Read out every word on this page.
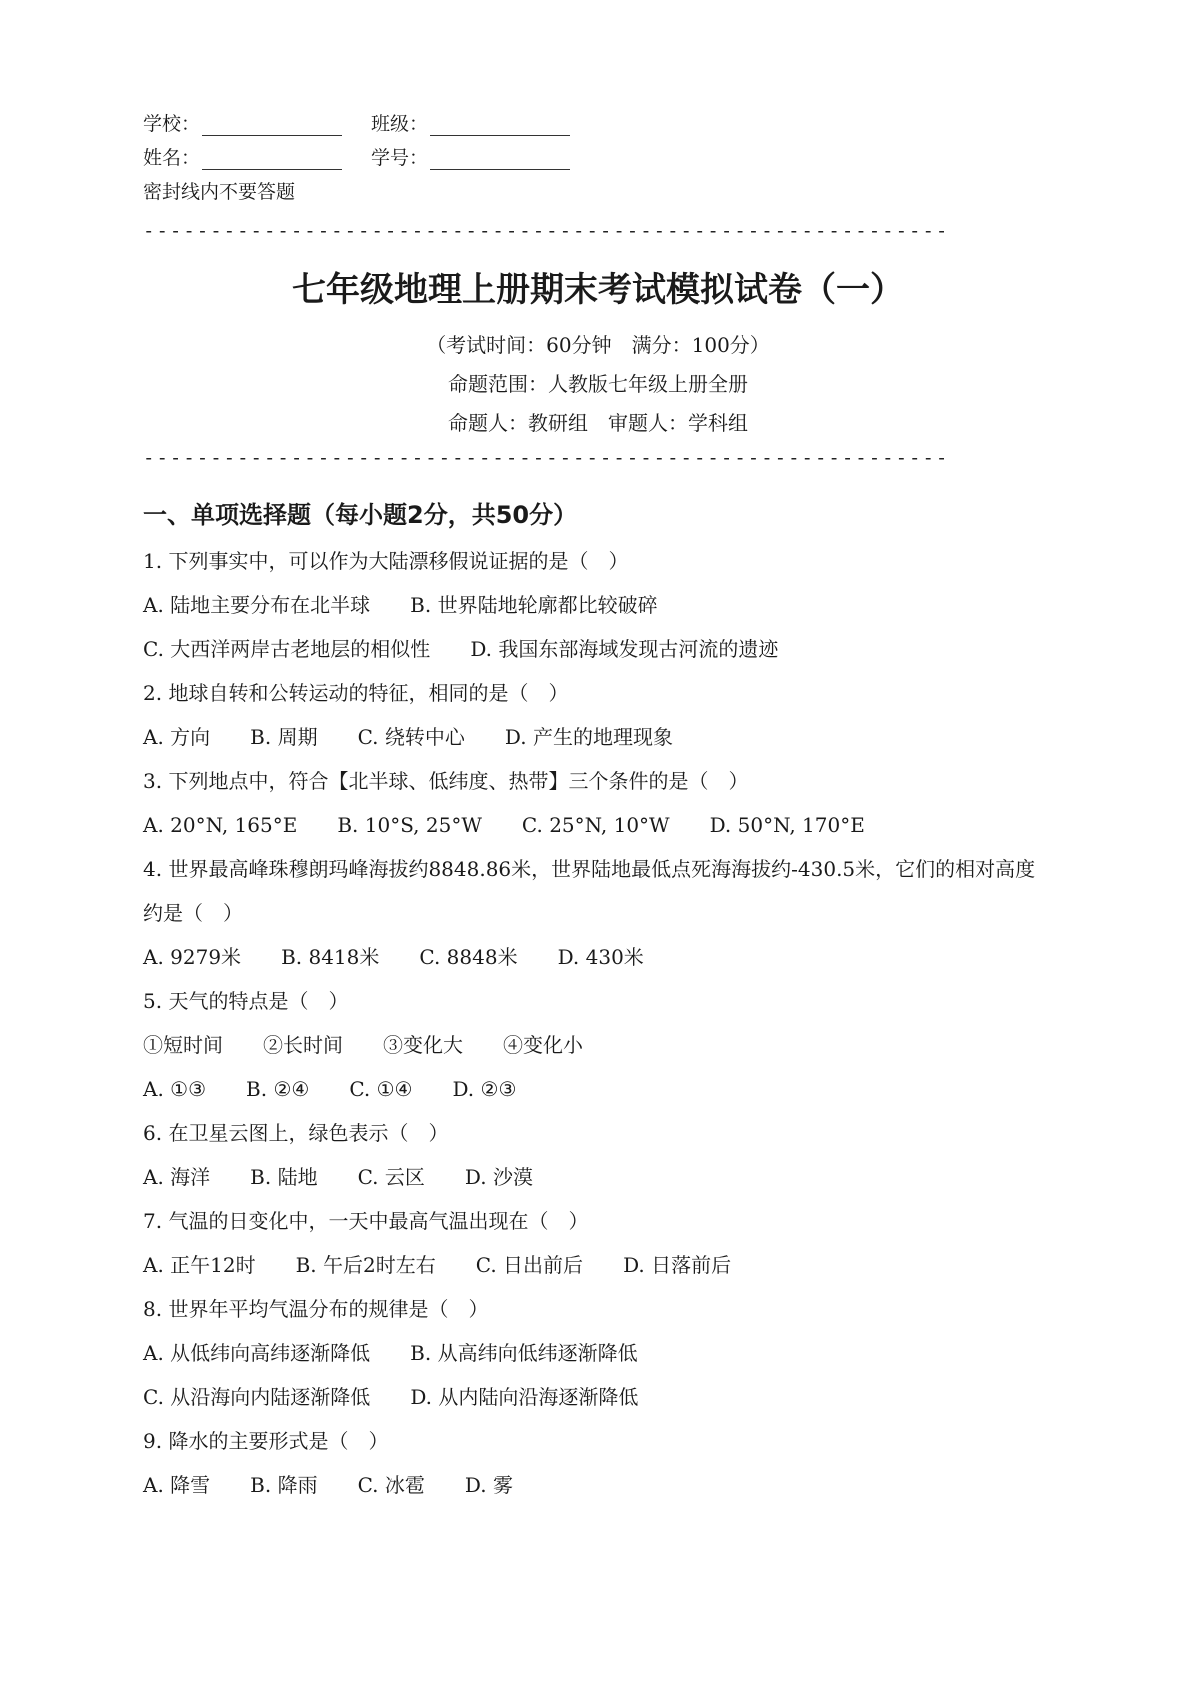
学校：	班级：
姓名：	学号：
密封线内不要答题
------------------------------------------------------------
七年级地理上册期末考试模拟试卷（一）
（考试时间：60分钟　满分：100分）
命题范围：人教版七年级上册全册
命题人：教研组　审题人：学科组
------------------------------------------------------------
一、单项选择题（每小题2分，共50分）
1. 下列事实中，可以作为大陆漂移假说证据的是（　）
A. 陆地主要分布在北半球 B. 世界陆地轮廓都比较破碎
C. 大西洋两岸古老地层的相似性 D. 我国东部海域发现古河流的遗迹
2. 地球自转和公转运动的特征，相同的是（　）
A. 方向 B. 周期 C. 绕转中心 D. 产生的地理现象
3. 下列地点中，符合【北半球、低纬度、热带】三个条件的是（　）
A. 20°N, 165°E B. 10°S, 25°W C. 25°N, 10°W D. 50°N, 170°E
4. 世界最高峰珠穆朗玛峰海拔约8848.86米，世界陆地最低点死海海拔约-430.5米，它们的相对高度约是（　）
A. 9279米 B. 8418米 C. 8848米 D. 430米
5. 天气的特点是（　）
①短时间 ②长时间 ③变化大 ④变化小
A. ①③ B. ②④ C. ①④ D. ②③
6. 在卫星云图上，绿色表示（　）
A. 海洋 B. 陆地 C. 云区 D. 沙漠
7. 气温的日变化中，一天中最高气温出现在（　）
A. 正午12时 B. 午后2时左右 C. 日出前后 D. 日落前后
8. 世界年平均气温分布的规律是（　）
A. 从低纬向高纬逐渐降低 B. 从高纬向低纬逐渐降低
C. 从沿海向内陆逐渐降低 D. 从内陆向沿海逐渐降低
9. 降水的主要形式是（　）
A. 降雪 B. 降雨 C. 冰雹 D. 雾
